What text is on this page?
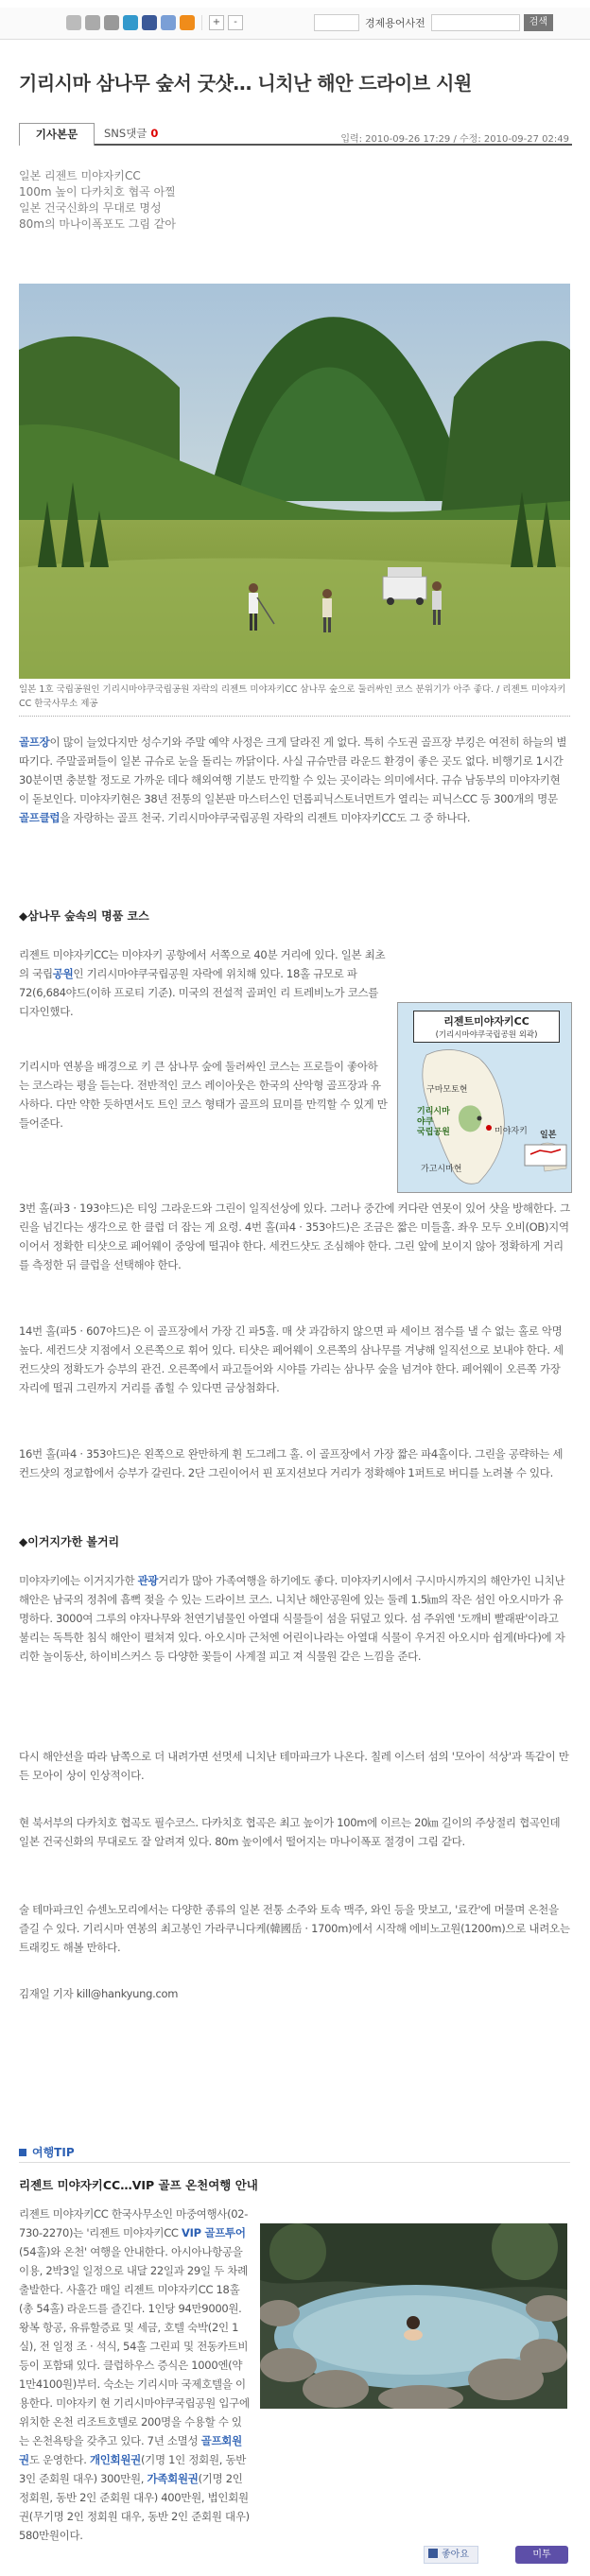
+	-	경제용어사전	검색
기리시마 삼나무 숲서 굿샷… 니치난 해안 드라이브 시원
기사본문	SNS댓글 0	입력: 2010-09-26 17:29 / 수정: 2010-09-27 02:49
일본 리젠트 미야자키CC
100m 높이 다카치호 협곡 아찔
일본 건국신화의 무대로 명성
80m의 마나이폭포도 그림 같아
일본 1호 국립공원인 기리시마야쿠국립공원 자락의 리젠트 미야자키CC 삼나무 숲으로 둘러싸인 코스 분위기가 아주 좋다. / 리젠트 미야자키CC 한국사무소 제공
골프장이 많이 늘었다지만 성수기와 주말 예약 사정은 크게 달라진 게 없다. 특히 수도권 골프장 부킹은 여전히 하늘의 별 따기다. 주말골퍼들이 일본 규슈로 눈을 돌리는 까닭이다. 사실 규슈만큼 라운드 환경이 좋은 곳도 없다. 비행기로 1시간30분이면 충분할 정도로 가까운 데다 해외여행 기분도 만끽할 수 있는 곳이라는 의미에서다. 규슈 남동부의 미야자키현이 돋보인다. 미야자키현은 38년 전통의 일본판 마스터스인 던롭피닉스토너먼트가 열리는 피닉스CC 등 300개의 명문 골프클럽을 자랑하는 골프 천국. 기리시마야쿠국립공원 자락의 리젠트 미야자키CC도 그 중 하나다.
◆삼나무 숲속의 명품 코스
리젠트 미야자키CC는 미야자키 공항에서 서쪽으로 40분 거리에 있다. 일본 최초의 국립공원인 기리시마야쿠국립공원 자락에 위치해 있다. 18홀 규모로 파72(6,684야드(이하 프로티 기준). 미국의 전설적 골퍼인 리 트레비노가 코스를 디자인했다.
기리시마 연봉을 배경으로 키 큰 삼나무 숲에 둘러싸인 코스는 프로들이 좋아하는 코스라는 평을 듣는다. 전반적인 코스 레이아웃은 한국의 산악형 골프장과 유사하다. 다만 약한 듯하면서도 트인 코스 형태가 골프의 묘미를 만끽할 수 있게 만들어준다.
리젠트미야자키CC
(기리시마야쿠국립공원 외곽)
구마모토현
기리시마
야쿠
국립공원	미야자키
가고시마현
일본
3번 홀(파3 · 193야드)은 티잉 그라운드와 그린이 일직선상에 있다. 그러나 중간에 커다란 연못이 있어 샷을 방해한다. 그린을 넘긴다는 생각으로 한 클럽 더 잡는 게 요령. 4번 홀(파4 · 353야드)은 조금은 짧은 미들홀. 좌우 모두 오비(OB)지역이어서 정확한 티샷으로 페어웨이 중앙에 떨궈야 한다. 세컨드샷도 조심해야 한다. 그린 앞에 보이지 않아 정확하게 거리를 측정한 뒤 클럽을 선택해야 한다.
14번 홀(파5 · 607야드)은 이 골프장에서 가장 긴 파5홀. 매 샷 과감하지 않으면 파 세이브 점수를 낼 수 없는 홀로 악명 높다. 세컨드샷 지점에서 오른쪽으로 휘어 있다. 티샷은 페어웨이 오른쪽의 삼나무를 겨냥해 일직선으로 보내야 한다. 세컨드샷의 정확도가 승부의 관건. 오른쪽에서 파고들어와 시야를 가리는 삼나무 숲을 넘겨야 한다. 페어웨이 오른쪽 가장자리에 떨궈 그린까지 거리를 좁힐 수 있다면 금상첨화다.
16번 홀(파4 · 353야드)은 왼쪽으로 완만하게 휜 도그레그 홀. 이 골프장에서 가장 짧은 파4홀이다. 그린을 공략하는 세컨드샷의 정교함에서 승부가 갈린다. 2단 그린이어서 핀 포지션보다 거리가 정확해야 1퍼트로 버디를 노려볼 수 있다.
◆이거지가한 볼거리
미야자키에는 이거지가한 관광거리가 많아 가족여행을 하기에도 좋다. 미야자키시에서 구시마시까지의 해안가인 니치난 해안은 남국의 정취에 흠뻑 젖을 수 있는 드라이브 코스. 니치난 해안공원에 있는 둘레 1.5㎞의 작은 섬인 아오시마가 유명하다. 3000여 그루의 야자나무와 천연기념물인 아열대 식물들이 섬을 뒤덮고 있다. 섬 주위엔 '도깨비 빨래판'이라고 불리는 독특한 침식 해안이 펼쳐져 있다. 아오시마 근처엔 어린이나라는 아열대 식물이 우거진 아오시마 쉽게(바다)에 자리한 놀이동산, 하이비스커스 등 다양한 꽃들이 사계절 피고 져 식물원 같은 느낌을 준다.
다시 해안선을 따라 남쪽으로 더 내려가면 선멋세 니치난 테마파크가 나온다. 칠레 이스터 섬의 '모아이 석상'과 똑같이 만든 모아이 상이 인상적이다.
현 북서부의 다카치호 협곡도 필수코스. 다카치호 협곡은 최고 높이가 100m에 이르는 20㎞ 길이의 주상절리 협곡인데 일본 건국신화의 무대로도 잘 알려져 있다. 80m 높이에서 떨어지는 마나이폭포 절경이 그림 같다.
술 테마파크인 슈센노모리에서는 다양한 종류의 일본 전통 소주와 토속 맥주, 와인 등을 맛보고, '료칸'에 머물며 온천을 즐길 수 있다. 기리시마 연봉의 최고봉인 가라쿠니다케(韓國岳 · 1700m)에서 시작해 에비노고원(1200m)으로 내려오는 트래킹도 해볼 만하다.
김재일 기자 kill@hankyung.com
여행TIP
리젠트 미야자키CC…VIP 골프 온천여행 안내
리젠트 미야자키CC 한국사무소인 마중여행사(02-730-2270)는 '리젠트 미야자키CC VIP 골프투어(54홀)와 온천' 여행을 안내한다. 아시아나항공을 이용, 2박3일 일정으로 내달 22일과 29일 두 차례 출발한다. 사흘간 매일 리젠트 미야자키CC 18홀(총 54홀) 라운드를 즐긴다. 1인당 94만9000원. 왕복 항공, 유류할증료 및 세금, 호텔 숙박(2인 1실), 전 일정 조 · 석식, 54홀 그린피 및 전동카트비 등이 포함돼 있다. 클럽하우스 증식은 1000엔(약 1만4100원)부터. 숙소는 기리시마 국제호텔을 이용한다. 미야자키 현 기리시마야쿠국립공원 입구에 위치한 온천 리조트호텔로 200명을 수용할 수 있는 온천욕탕을 갖추고 있다. 7년 소멸성 골프회원권도 운영한다. 개인회원권(기명 1인 정회원, 동반 3인 준회원 대우) 300만원, 가족회원권(기명 2인 정회원, 동반 2인 준회원 대우) 400만원, 법인회원권(무기명 2인 정회원 대우, 동반 2인 준회원 대우) 580만원이다.
좋아요	미투
